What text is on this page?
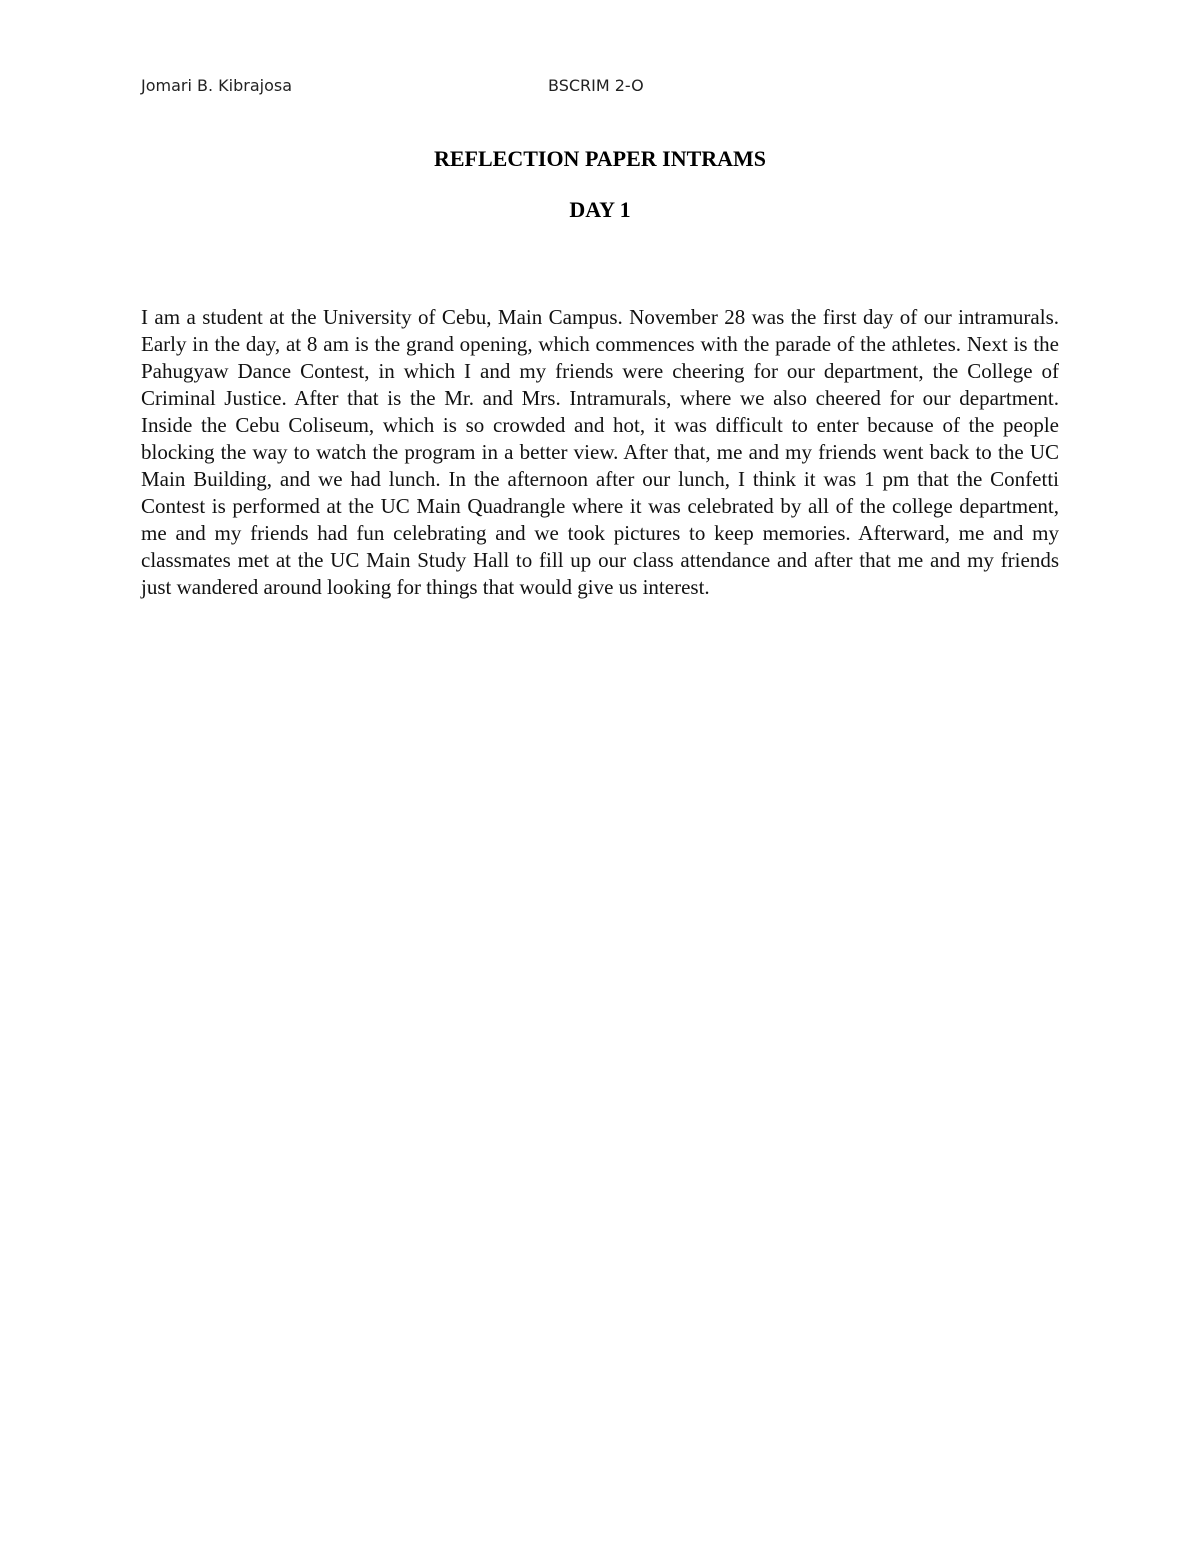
Jomari B. Kibrajosa	BSCRIM 2-O
REFLECTION PAPER INTRAMS
DAY 1

I am a student at the University of Cebu, Main Campus. November 28 was the first day of our intramurals. Early in the day, at 8 am is the grand opening, which commences with the parade of the athletes. Next is the Pahugyaw Dance Contest, in which I and my friends were cheering for our department, the College of Criminal Justice. After that is the Mr. and Mrs. Intramurals, where we also cheered for our department. Inside the Cebu Coliseum, which is so crowded and hot, it was difficult to enter because of the people blocking the way to watch the program in a better view. After that, me and my friends went back to the UC Main Building, and we had lunch. In the afternoon after our lunch, I think it was 1 pm that the Confetti Contest is performed at the UC Main Quadrangle where it was celebrated by all of the college department, me and my friends had fun celebrating and we took pictures to keep memories. Afterward, me and my classmates met at the UC Main Study Hall to fill up our class attendance and after that me and my friends just wandered around looking for things that would give us interest.
